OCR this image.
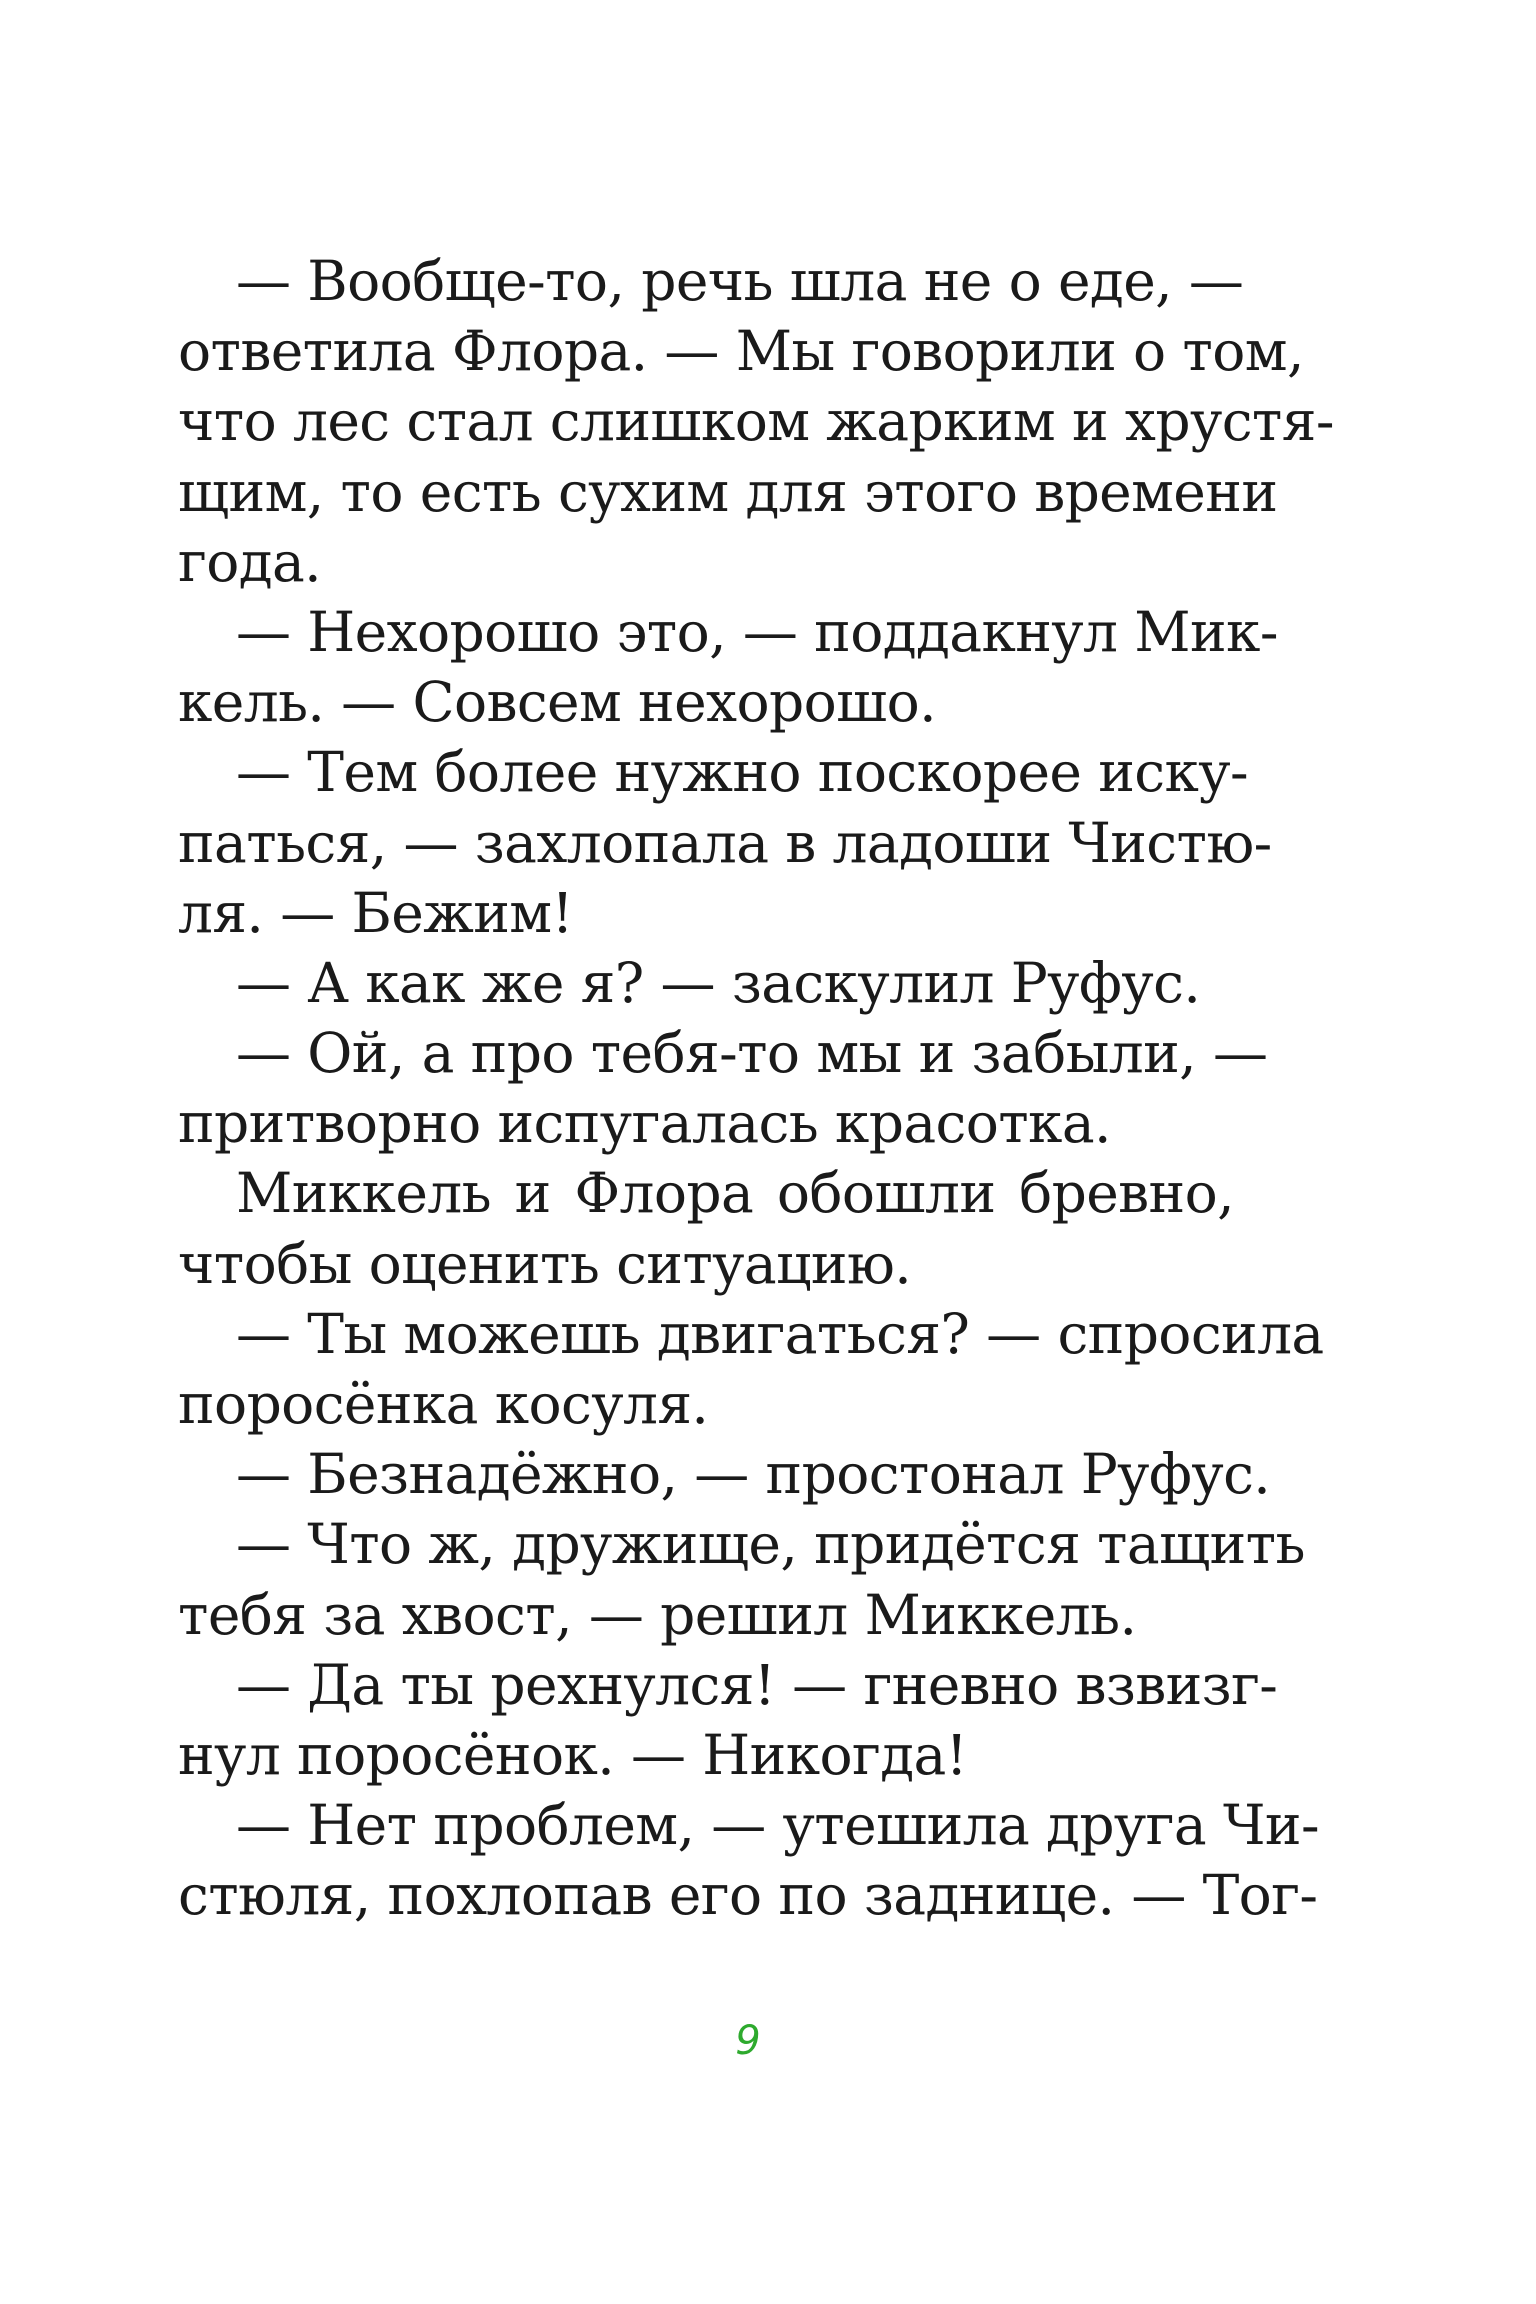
— Вообще-то, речь шла не о еде, —
ответила Флора. — Мы говорили о том,
что лес стал слишком жарким и хрустя-
щим, то есть сухим для этого времени
года.
— Нехорошо это, — поддакнул Мик-
кель. — Совсем нехорошо.
— Тем более нужно поскорее иску-
паться, — захлопала в ладоши Чистю-
ля. — Бежим!
— А как же я? — заскулил Руфус.
— Ой, а про тебя-то мы и забыли, —
притворно испугалась красотка.
Миккель и Флора обошли бревно,
чтобы оценить ситуацию.
— Ты можешь двигаться? — спросила
поросёнка косуля.
— Безнадёжно, — простонал Руфус.
— Что ж, дружище, придётся тащить
тебя за хвост, — решил Миккель.
— Да ты рехнулся! — гневно взвизг-
нул поросёнок. — Никогда!
— Нет проблем, — утешила друга Чи-
стюля, похлопав его по заднице. — Тог-
9
